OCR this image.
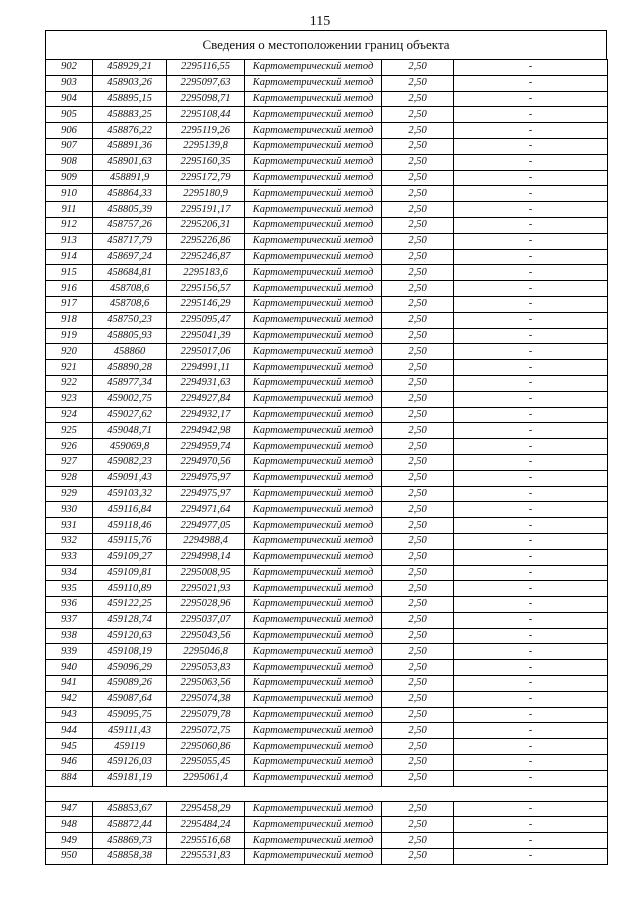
115
Сведения о местоположении границ объекта
902	458929,21	2295116,55	Картометрический метод	2,50	-
903	458903,26	2295097,63	Картометрический метод	2,50	-
904	458895,15	2295098,71	Картометрический метод	2,50	-
905	458883,25	2295108,44	Картометрический метод	2,50	-
906	458876,22	2295119,26	Картометрический метод	2,50	-
907	458891,36	2295139,8	Картометрический метод	2,50	-
908	458901,63	2295160,35	Картометрический метод	2,50	-
909	458891,9	2295172,79	Картометрический метод	2,50	-
910	458864,33	2295180,9	Картометрический метод	2,50	-
911	458805,39	2295191,17	Картометрический метод	2,50	-
912	458757,26	2295206,31	Картометрический метод	2,50	-
913	458717,79	2295226,86	Картометрический метод	2,50	-
914	458697,24	2295246,87	Картометрический метод	2,50	-
915	458684,81	2295183,6	Картометрический метод	2,50	-
916	458708,6	2295156,57	Картометрический метод	2,50	-
917	458708,6	2295146,29	Картометрический метод	2,50	-
918	458750,23	2295095,47	Картометрический метод	2,50	-
919	458805,93	2295041,39	Картометрический метод	2,50	-
920	458860	2295017,06	Картометрический метод	2,50	-
921	458890,28	2294991,11	Картометрический метод	2,50	-
922	458977,34	2294931,63	Картометрический метод	2,50	-
923	459002,75	2294927,84	Картометрический метод	2,50	-
924	459027,62	2294932,17	Картометрический метод	2,50	-
925	459048,71	2294942,98	Картометрический метод	2,50	-
926	459069,8	2294959,74	Картометрический метод	2,50	-
927	459082,23	2294970,56	Картометрический метод	2,50	-
928	459091,43	2294975,97	Картометрический метод	2,50	-
929	459103,32	2294975,97	Картометрический метод	2,50	-
930	459116,84	2294971,64	Картометрический метод	2,50	-
931	459118,46	2294977,05	Картометрический метод	2,50	-
932	459115,76	2294988,4	Картометрический метод	2,50	-
933	459109,27	2294998,14	Картометрический метод	2,50	-
934	459109,81	2295008,95	Картометрический метод	2,50	-
935	459110,89	2295021,93	Картометрический метод	2,50	-
936	459122,25	2295028,96	Картометрический метод	2,50	-
937	459128,74	2295037,07	Картометрический метод	2,50	-
938	459120,63	2295043,56	Картометрический метод	2,50	-
939	459108,19	2295046,8	Картометрический метод	2,50	-
940	459096,29	2295053,83	Картометрический метод	2,50	-
941	459089,26	2295063,56	Картометрический метод	2,50	-
942	459087,64	2295074,38	Картометрический метод	2,50	-
943	459095,75	2295079,78	Картометрический метод	2,50	-
944	459111,43	2295072,75	Картометрический метод	2,50	-
945	459119	2295060,86	Картометрический метод	2,50	-
946	459126,03	2295055,45	Картометрический метод	2,50	-
884	459181,19	2295061,4	Картометрический метод	2,50	-

947	458853,67	2295458,29	Картометрический метод	2,50	-
948	458872,44	2295484,24	Картометрический метод	2,50	-
949	458869,73	2295516,68	Картометрический метод	2,50	-
950	458858,38	2295531,83	Картометрический метод	2,50	-
